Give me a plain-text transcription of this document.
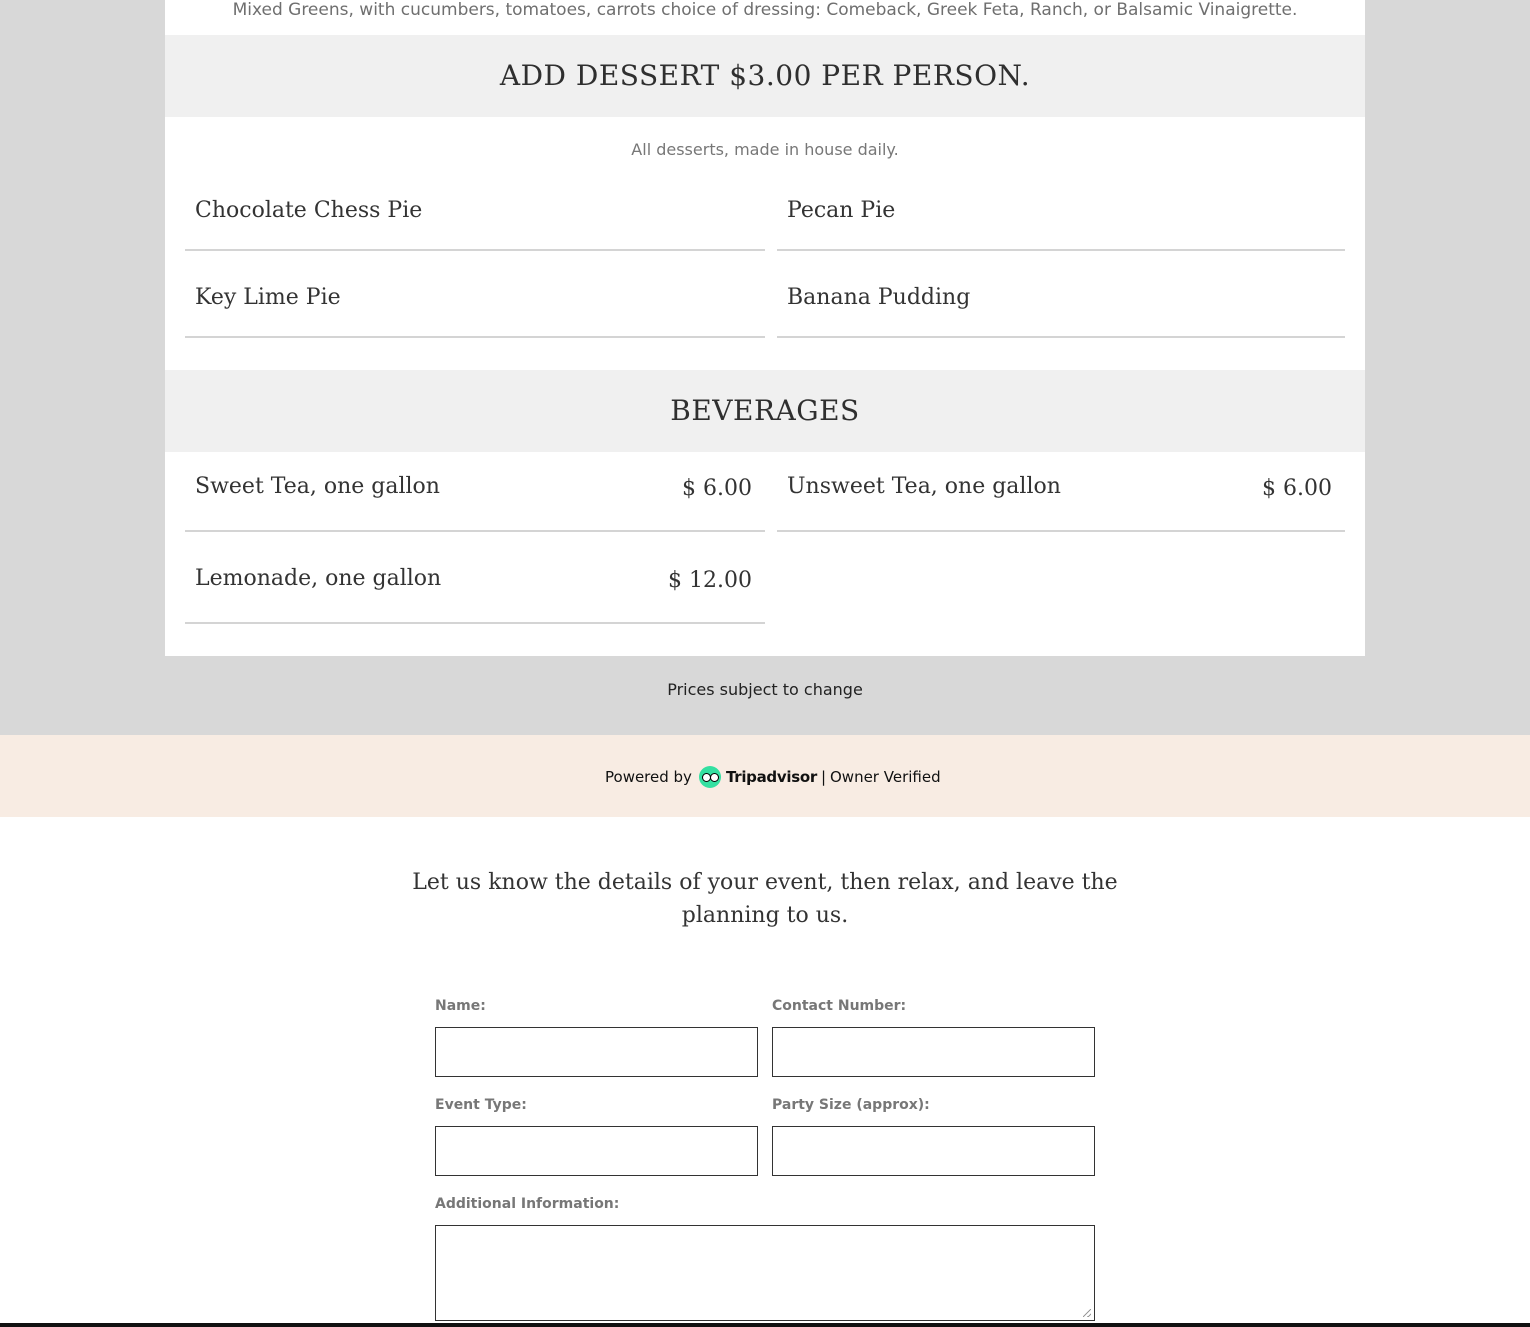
Mixed Greens, with cucumbers, tomatoes, carrots choice of dressing: Comeback, Greek Feta, Ranch, or Balsamic Vinaigrette.
ADD DESSERT $3.00 PER PERSON.
All desserts, made in house daily.
Chocolate Chess Pie	Pecan Pie
Key Lime Pie	Banana Pudding
BEVERAGES
Sweet Tea, one gallon	$ 6.00 Unsweet Tea, one gallon	$ 6.00
Lemonade, one gallon	$ 12.00
Prices subject to change
Powered by Tripadvisor | Owner Verified
Let us know the details of your event, then relax, and leave the planning to us.
Name:	Contact Number:
Event Type:	Party Size (approx):
Additional Information:
